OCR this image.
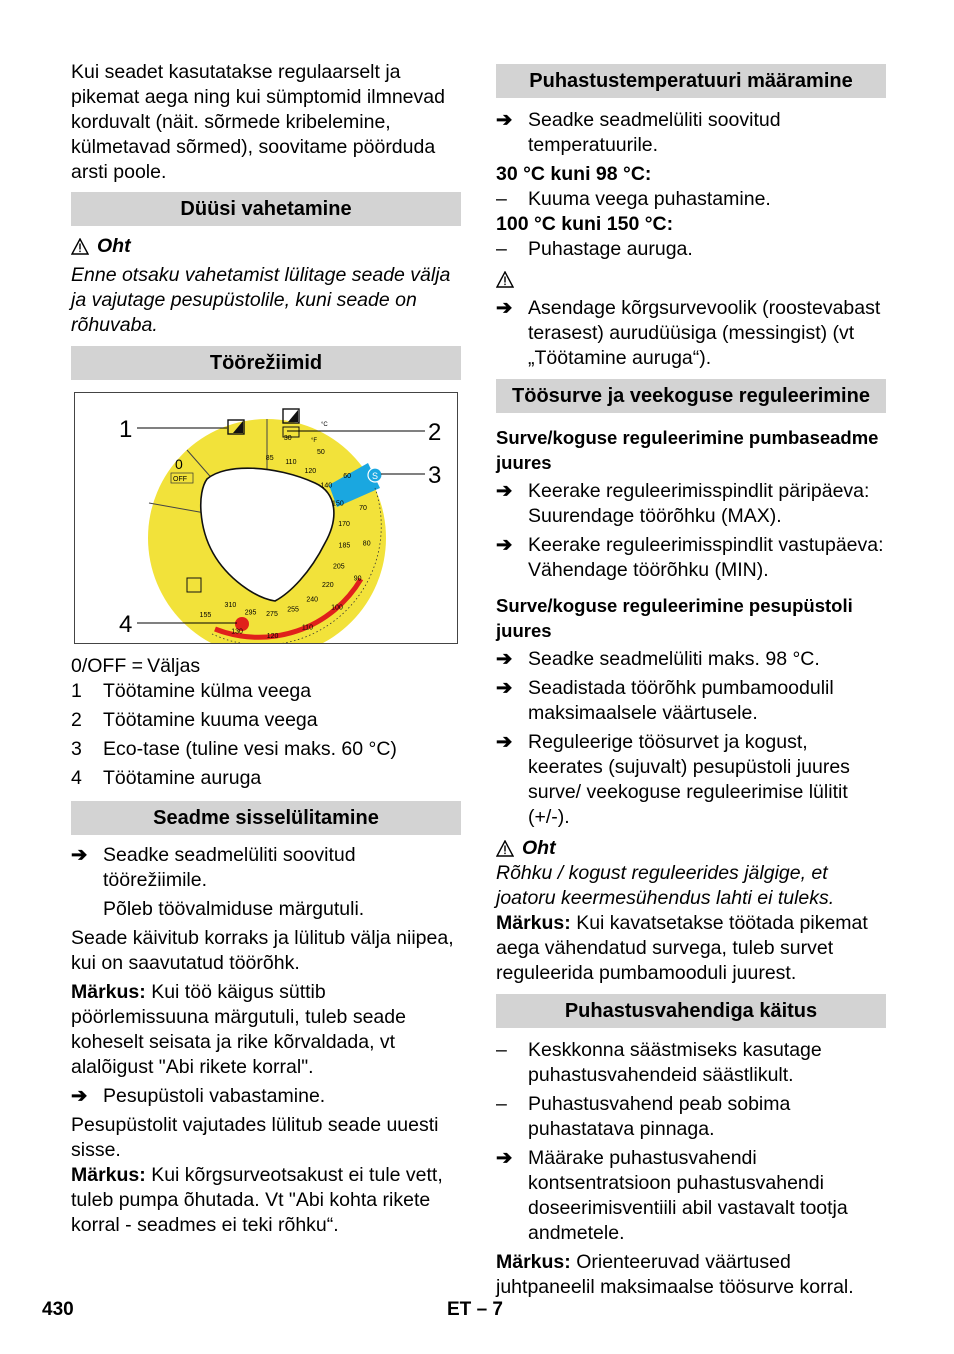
Kui seadet kasutatakse regulaarselt ja pikemat aega ning kui sümptomid ilmnevad korduvalt (näit. sõrmede kribelemine, külmetavad sõrmed), soovitame pöörduda arsti poole.

Düüsi vahetamine
Oht

Enne otsaku vahetamist lülitage seade välja ja vajutage pesupüstolile, kuni seade on rõhuvaba.

Töörežiimid
0
OFF	S
°C
°F
30
50
60
70
80
90
100
110
120
130
155
85
110
120
140
150
170
185
205
220
240
255
275
295
310
1	2
3
4
0/OFF = Väljas
1	Töötamine külma veega
2	Töötamine kuuma veega
3	Eco-tase (tuline vesi maks. 60 °C)
4	Töötamine auruga
Seadme sisselülitamine
➔ Seadke seadmelüliti soovitud töörežiimile.

Põleb töövalmiduse märgutuli.

Seade käivitub korraks ja lülitub välja niipea, kui on saavutatud töörõhk.

Märkus: Kui töö käigus süttib pöörlemissuuna märgutuli, tuleb seade koheselt seisata ja rike kõrvaldada, vt alalõigust "Abi rikete korral".

➔ Pesupüstoli vabastamine.

Pesupüstolit vajutades lülitub seade uuesti sisse.

Märkus: Kui kõrgsurveotsakust ei tule vett, tuleb pumpa õhutada. Vt "Abi kohta rikete korral - seadmes ei teki rõhku“.

Puhastustemperatuuri määramine
➔ Seadke seadmelüliti soovitud temperatuurile.

30 °C kuni 98 °C:

–	Kuuma veega puhastamine.

100 °C kuni 150 °C:

–	Puhastage auruga.
➔ Asendage kõrgsurvevoolik (roostevabast terasest) aurudüüsiga (messingist) (vt „Töötamine auruga“).
Töösurve ja veekoguse reguleerimine

Surve/koguse reguleerimine pumbaseadme juures

➔ Keerake reguleerimisspindlit päripäeva: Suurendage töörõhku (MAX).
➔ Keerake reguleerimisspindlit vastupäeva: Vähendage töörõhku (MIN).

Surve/koguse reguleerimine pesupüstoli juures

➔ Seadke seadmelüliti maks. 98 °C.
➔ Seadistada töörõhk pumbamoodulil maksimaalsele väärtusele.
➔ Reguleerige töösurvet ja kogust, keerates (sujuvalt) pesupüstoli juures surve/ veekoguse reguleerimise lülitit (+/-).
Oht

Rõhku / kogust reguleerides jälgige, et joatoru keermesühendus lahti ei tuleks.

Märkus: Kui kavatsetakse töötada pikemat aega vähendatud survega, tuleb survet reguleerida pumbamooduli juurest.

Puhastusvahendiga käitus
–	Keskkonna säästmiseks kasutage puhastusvahendeid säästlikult.
–	Puhastusvahend peab sobima puhastatava pinnaga.
➔ Määrake puhastusvahendi kontsentratsioon puhastusvahendi doseerimisventiili abil vastavalt tootja andmetele.

Märkus: Orienteeruvad väärtused juhtpaneelil maksimaalse töösurve korral.

430	ET – 7
